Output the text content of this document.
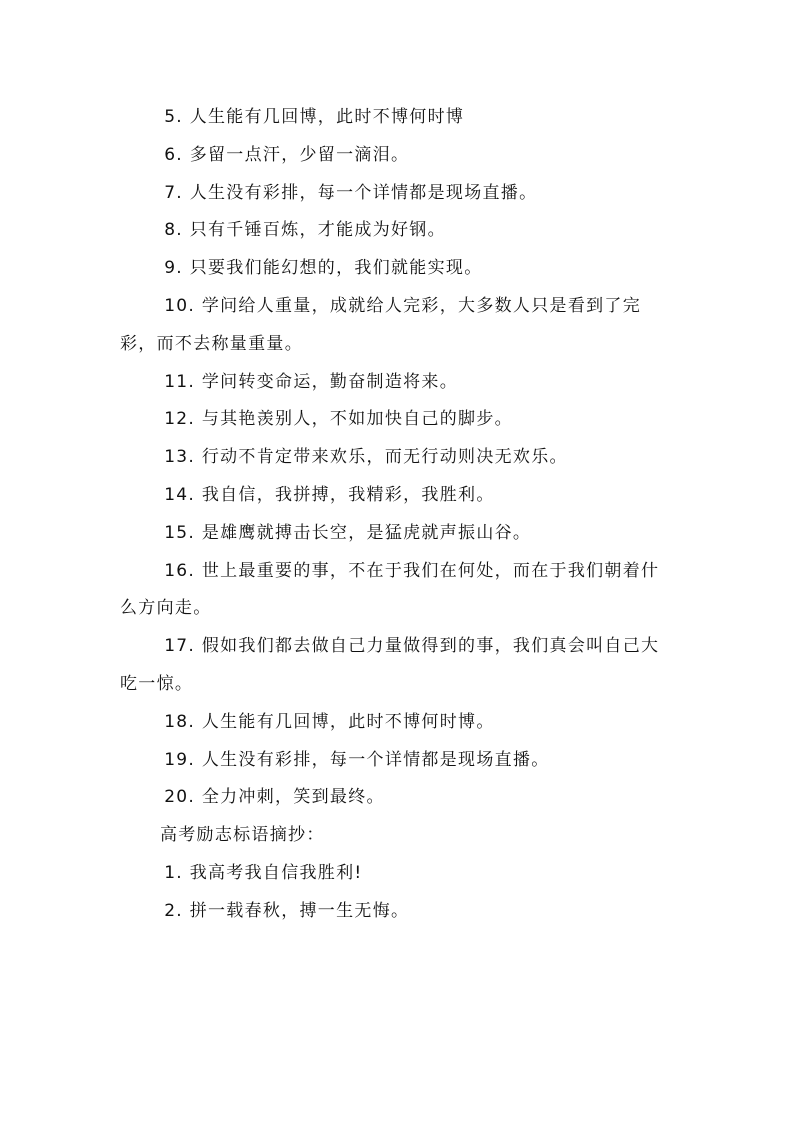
5. 人生能有几回博，此时不博何时博

6. 多留一点汗，少留一滴泪。

7. 人生没有彩排，每一个详情都是现场直播。

8. 只有千锤百炼，才能成为好钢。

9. 只要我们能幻想的，我们就能实现。

10. 学问给人重量，成就给人完彩，大多数人只是看到了完彩，而不去称量重量。

11. 学问转变命运，勤奋制造将来。

12. 与其艳羡别人，不如加快自己的脚步。

13. 行动不肯定带来欢乐，而无行动则决无欢乐。

14. 我自信，我拼搏，我精彩，我胜利。

15. 是雄鹰就搏击长空，是猛虎就声振山谷。

16. 世上最重要的事，不在于我们在何处，而在于我们朝着什么方向走。

17. 假如我们都去做自己力量做得到的事，我们真会叫自己大吃一惊。

18. 人生能有几回博，此时不博何时博。

19. 人生没有彩排，每一个详情都是现场直播。

20. 全力冲刺，笑到最终。

高考励志标语摘抄：

1. 我高考我自信我胜利!

2. 拼一载春秋，搏一生无悔。
